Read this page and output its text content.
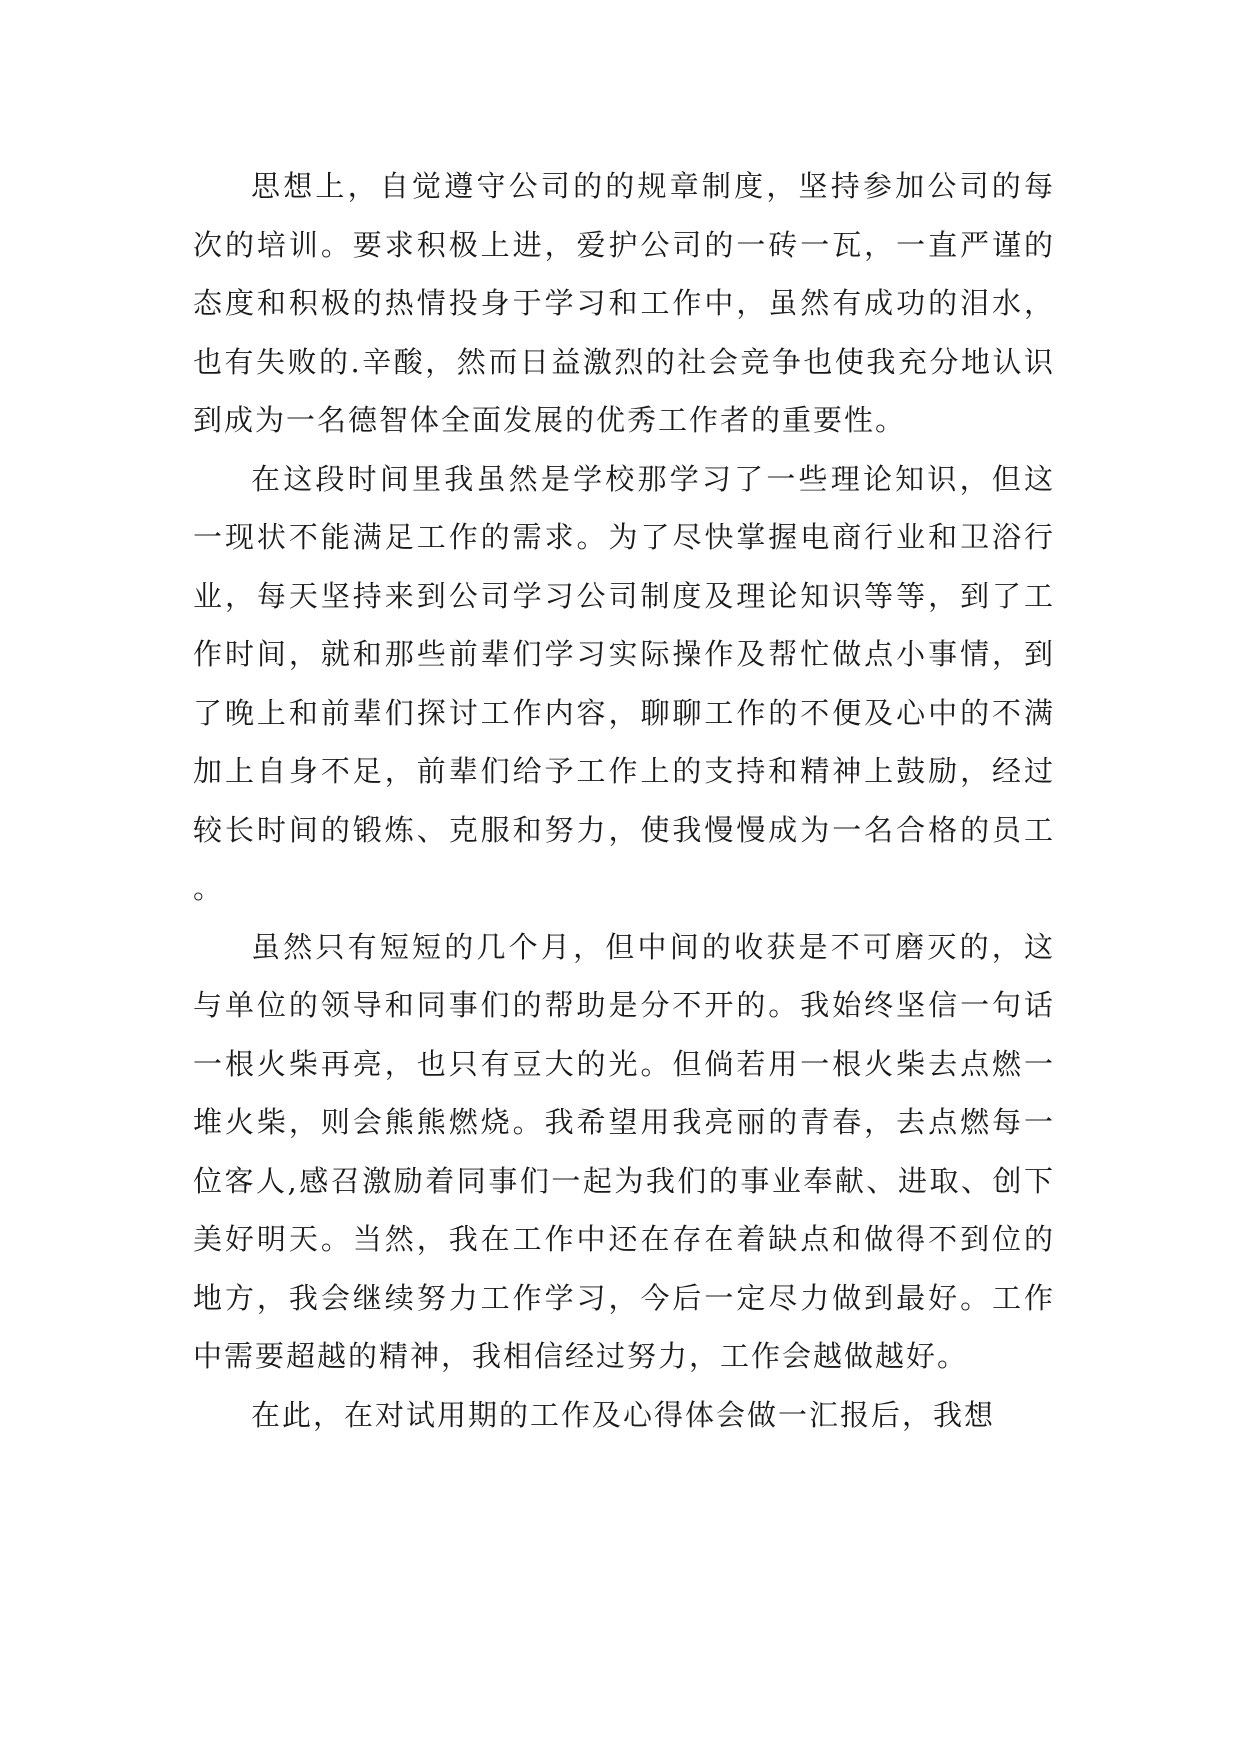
思想上，自觉遵守公司的的规章制度，坚持参加公司的每次的培训。要求积极上进，爱护公司的一砖一瓦，一直严谨的态度和积极的热情投身于学习和工作中，虽然有成功的泪水，也有失败的.辛酸，然而日益激烈的社会竞争也使我充分地认识到成为一名德智体全面发展的优秀工作者的重要性。

在这段时间里我虽然是学校那学习了一些理论知识，但这一现状不能满足工作的需求。为了尽快掌握电商行业和卫浴行业，每天坚持来到公司学习公司制度及理论知识等等，到了工作时间，就和那些前辈们学习实际操作及帮忙做点小事情，到了晚上和前辈们探讨工作内容，聊聊工作的不便及心中的不满加上自身不足，前辈们给予工作上的支持和精神上鼓励，经过较长时间的锻炼、克服和努力，使我慢慢成为一名合格的员工。

虽然只有短短的几个月，但中间的收获是不可磨灭的，这与单位的领导和同事们的帮助是分不开的。我始终坚信一句话一根火柴再亮，也只有豆大的光。但倘若用一根火柴去点燃一堆火柴，则会熊熊燃烧。我希望用我亮丽的青春，去点燃每一位客人,感召激励着同事们一起为我们的事业奉献、进取、创下美好明天。当然，我在工作中还在存在着缺点和做得不到位的地方，我会继续努力工作学习，今后一定尽力做到最好。工作中需要超越的精神，我相信经过努力，工作会越做越好。

在此，在对试用期的工作及心得体会做一汇报后，我想
